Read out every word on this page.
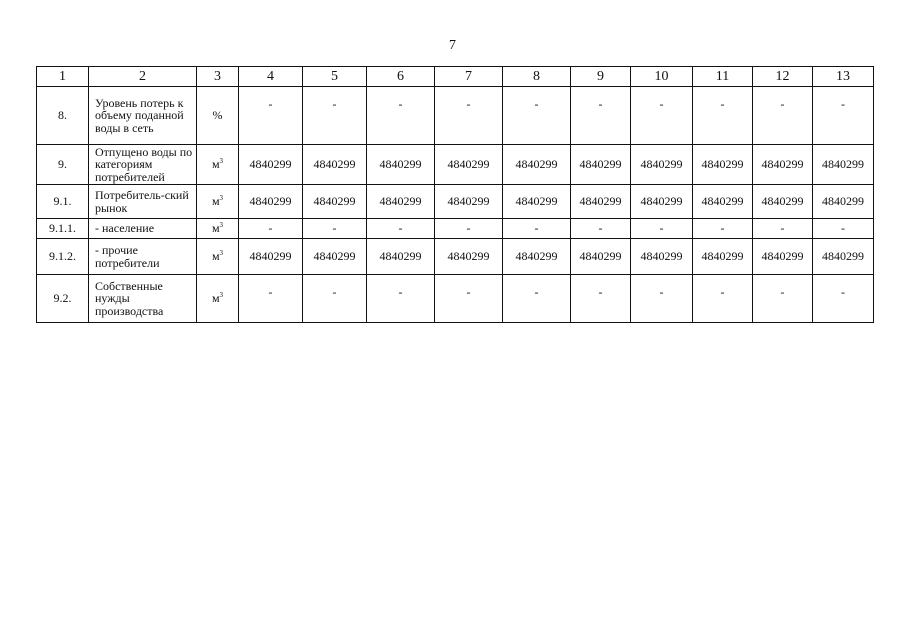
7
1	2	3	4	5	6	7	8	9	10	11	12	13
8.	Уровень потерь к объему поданной воды в сеть	%	-	-	-	-	-	-	-	-	-	-
9.	Отпущено воды по категориям потребителей	$м^3$	4840299	4840299	4840299	4840299	4840299	4840299	4840299	4840299	4840299	4840299
9.1.	Потребитель-ский рынок	$м^3$	4840299	4840299	4840299	4840299	4840299	4840299	4840299	4840299	4840299	4840299
9.1.1.	- население	$м^3$	-	-	-	-	-	-	-	-	-	-
9.1.2.	- прочие потребители	$м^3$	4840299	4840299	4840299	4840299	4840299	4840299	4840299	4840299	4840299	4840299
9.2.	Собственные нужды производства	$м^3$	-	-	-	-	-	-	-	-	-	-
